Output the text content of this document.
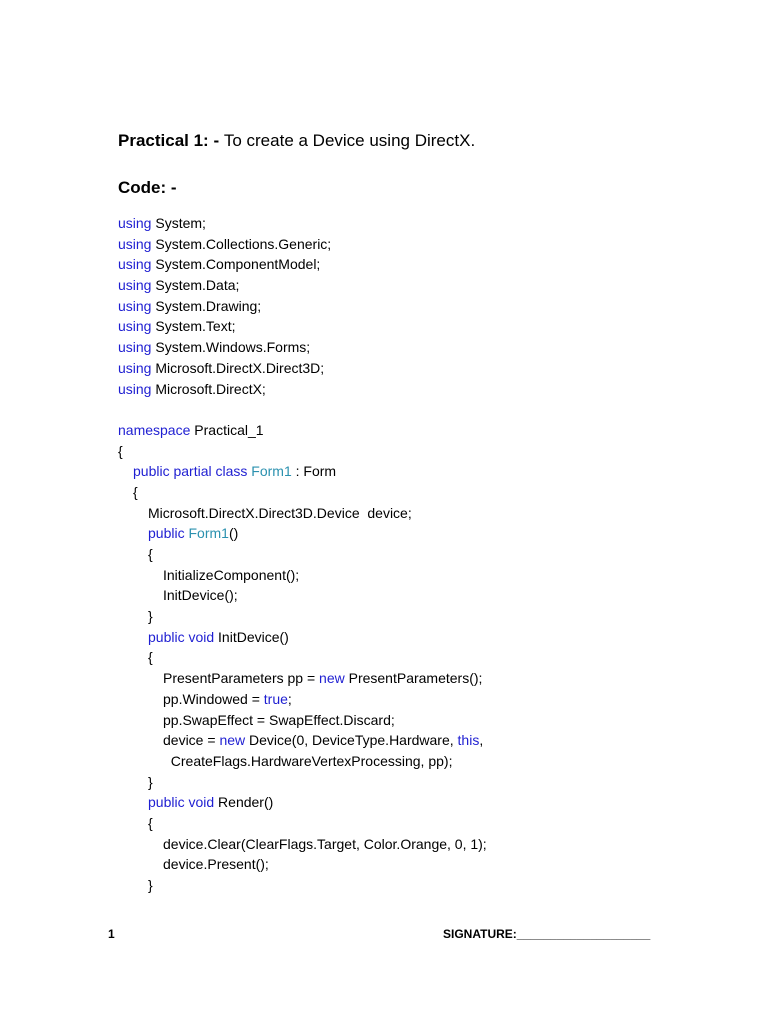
Practical 1: - To create a Device using DirectX.
Code: -
using System;
using System.Collections.Generic;
using System.ComponentModel;
using System.Data;
using System.Drawing;
using System.Text;
using System.Windows.Forms;
using Microsoft.DirectX.Direct3D;
using Microsoft.DirectX;
namespace Practical_1
{
public partial class
Form1 : Form
{
Microsoft.DirectX.Direct3D.Device  device;
public
Form1 ()
{
InitializeComponent();
InitDevice();
}
public void InitDevice()
{
PresentParameters pp = new PresentParameters();
pp.Windowed = true ;
pp.SwapEffect = SwapEffect.Discard;
device = new Device(0, DeviceType.Hardware, this ,
CreateFlags.HardwareVertexProcessing, pp);
}
public void Render()
{
device.Clear(ClearFlags.Target, Color.Orange, 0, 1);
device.Present();
}
1	SIGNATURE:____________________
